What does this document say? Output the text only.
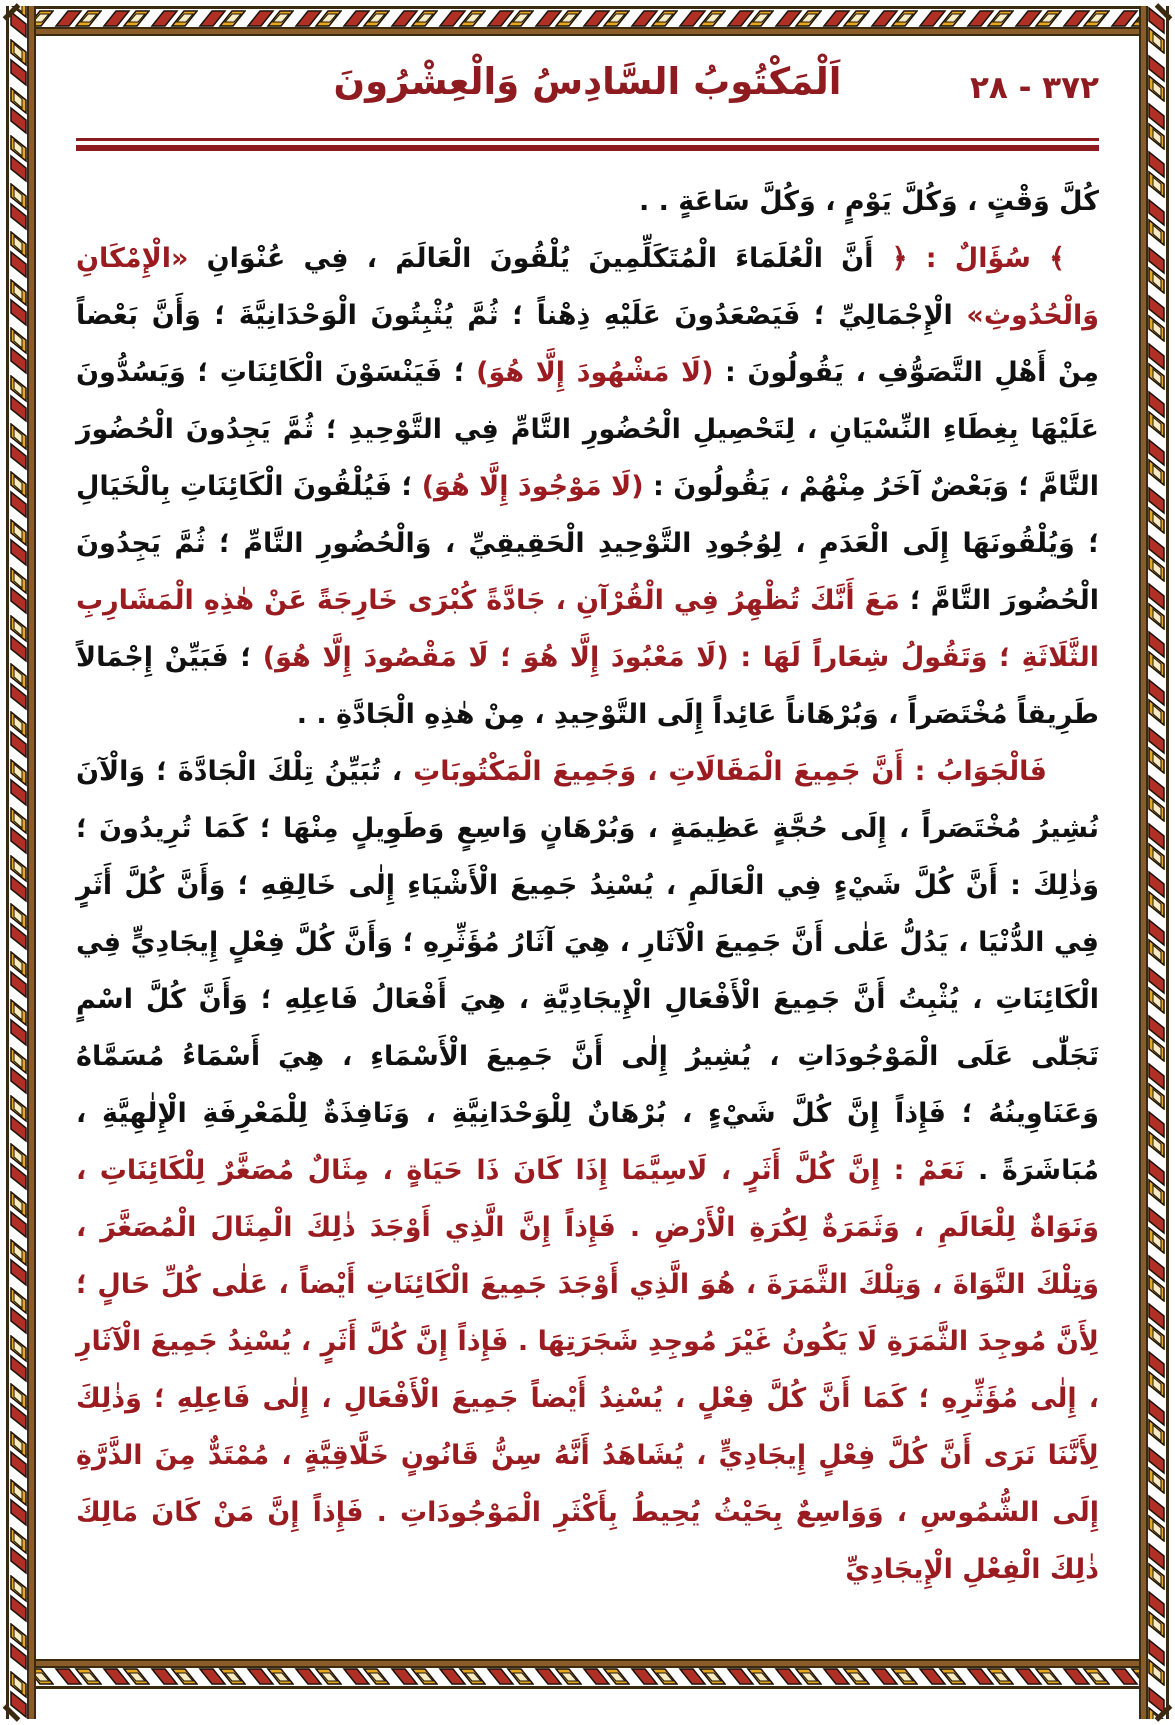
٣٧٢ - ٢٨
اَلْمَكْتُوبُ السَّادِسُ وَالْعِشْرُونَ

كُلَّ وَقْتٍ ، وَكُلَّ يَوْمٍ ، وَكُلَّ سَاعَةٍ . .

﴾ سُؤَالٌ : ﴿ أَنَّ الْعُلَمَاءَ الْمُتَكَلِّمِينَ يُلْقُونَ الْعَالَمَ ، فِي عُنْوَانِ «الْإِمْكَانِ وَالْحُدُوثِ» الْإِجْمَالِيِّ ؛ فَيَصْعَدُونَ عَلَيْهِ ذِهْناً ؛ ثُمَّ يُثْبِتُونَ الْوَحْدَانِيَّةَ ؛ وَأَنَّ بَعْضاً مِنْ أَهْلِ التَّصَوُّفِ ، يَقُولُونَ : (لَا مَشْهُودَ إِلَّا هُوَ) ؛ فَيَنْسَوْنَ الْكَائِنَاتِ ؛ وَيَسُدُّونَ عَلَيْهَا بِغِطَاءِ النِّسْيَانِ ، لِتَحْصِيلِ الْحُضُورِ التَّامِّ فِي التَّوْحِيدِ ؛ ثُمَّ يَجِدُونَ الْحُضُورَ التَّامَّ ؛ وَبَعْضٌ آخَرُ مِنْهُمْ ، يَقُولُونَ : (لَا مَوْجُودَ إِلَّا هُوَ) ؛ فَيُلْقُونَ الْكَائِنَاتِ بِالْخَيَالِ ؛ وَيُلْقُونَهَا إِلَى الْعَدَمِ ، لِوُجُودِ التَّوْحِيدِ الْحَقِيقِيِّ ، وَالْحُضُورِ التَّامِّ ؛ ثُمَّ يَجِدُونَ الْحُضُورَ التَّامَّ ؛ مَعَ أَنَّكَ تُظْهِرُ فِي الْقُرْآنِ ، جَادَّةً كُبْرَى خَارِجَةً عَنْ هٰذِهِ الْمَشَارِبِ الثَّلَاثَةِ ؛ وَتَقُولُ شِعَاراً لَهَا : (لَا مَعْبُودَ إِلَّا هُوَ ؛ لَا مَقْصُودَ إِلَّا هُوَ) ؛ فَبَيِّنْ إِجْمَالاً طَرِيقاً مُخْتَصَراً ، وَبُرْهَاناً عَائِداً إِلَى التَّوْحِيدِ ، مِنْ هٰذِهِ الْجَادَّةِ . .

فَالْجَوَابُ : أَنَّ جَمِيعَ الْمَقَالَاتِ ، وَجَمِيعَ الْمَكْتُوبَاتِ ، تُبَيِّنُ تِلْكَ الْجَادَّةَ ؛ وَالْآنَ نُشِيرُ مُخْتَصَراً ، إِلَى حُجَّةٍ عَظِيمَةٍ ، وَبُرْهَانٍ وَاسِعٍ وَطَوِيلٍ مِنْهَا ؛ كَمَا تُرِيدُونَ ؛ وَذٰلِكَ : أَنَّ كُلَّ شَيْءٍ فِي الْعَالَمِ ، يُسْنِدُ جَمِيعَ الْأَشْيَاءِ إِلٰى خَالِقِهِ ؛ وَأَنَّ كُلَّ أَثَرٍ فِي الدُّنْيَا ، يَدُلُّ عَلٰى أَنَّ جَمِيعَ الْآثَارِ ، هِيَ آثَارُ مُؤَثِّرِهِ ؛ وَأَنَّ كُلَّ فِعْلٍ إِيجَادِيٍّ فِي الْكَائِنَاتِ ، يُثْبِتُ أَنَّ جَمِيعَ الْأَفْعَالِ الْإِيجَادِيَّةِ ، هِيَ أَفْعَالُ فَاعِلِهِ ؛ وَأَنَّ كُلَّ اسْمٍ تَجَلّٰى عَلَى الْمَوْجُودَاتِ ، يُشِيرُ إِلٰى أَنَّ جَمِيعَ الْأَسْمَاءِ ، هِيَ أَسْمَاءُ مُسَمَّاهُ وَعَنَاوِينُهُ ؛ فَإِذاً إِنَّ كُلَّ شَيْءٍ ، بُرْهَانٌ لِلْوَحْدَانِيَّةِ ، وَنَافِذَةٌ لِلْمَعْرِفَةِ الْإِلٰهِيَّةِ ، مُبَاشَرَةً . نَعَمْ : إِنَّ كُلَّ أَثَرٍ ، لَاسِيَّمَا إِذَا كَانَ ذَا حَيَاةٍ ، مِثَالٌ مُصَغَّرٌ لِلْكَائِنَاتِ ، وَنَوَاةٌ لِلْعَالَمِ ، وَثَمَرَةٌ لِكُرَةِ الْأَرْضِ . فَإِذاً إِنَّ الَّذِي أَوْجَدَ ذٰلِكَ الْمِثَالَ الْمُصَغَّرَ ، وَتِلْكَ النَّوَاةَ ، وَتِلْكَ الثَّمَرَةَ ، هُوَ الَّذِي أَوْجَدَ جَمِيعَ الْكَائِنَاتِ أَيْضاً ، عَلٰى كُلِّ حَالٍ ؛ لِأَنَّ مُوجِدَ الثَّمَرَةِ لَا يَكُونُ غَيْرَ مُوجِدِ شَجَرَتِهَا . فَإِذاً إِنَّ كُلَّ أَثَرٍ ، يُسْنِدُ جَمِيعَ الْآثَارِ ، إِلٰى مُؤَثِّرِهِ ؛ كَمَا أَنَّ كُلَّ فِعْلٍ ، يُسْنِدُ أَيْضاً جَمِيعَ الْأَفْعَالِ ، إِلٰى فَاعِلِهِ ؛ وَذٰلِكَ لِأَنَّنَا نَرَى أَنَّ كُلَّ فِعْلٍ إِيجَادِيٍّ ، يُشَاهَدُ أَنَّهُ سِنُّ قَانُونٍ خَلَّاقِيَّةٍ ، مُمْتَدٌّ مِنَ الذَّرَّةِ إِلَى الشُّمُوسِ ، وَوَاسِعٌ بِحَيْثُ يُحِيطُ بِأَكْثَرِ الْمَوْجُودَاتِ . فَإِذاً إِنَّ مَنْ كَانَ مَالِكَ ذٰلِكَ الْفِعْلِ الْإِيجَادِيِّ
